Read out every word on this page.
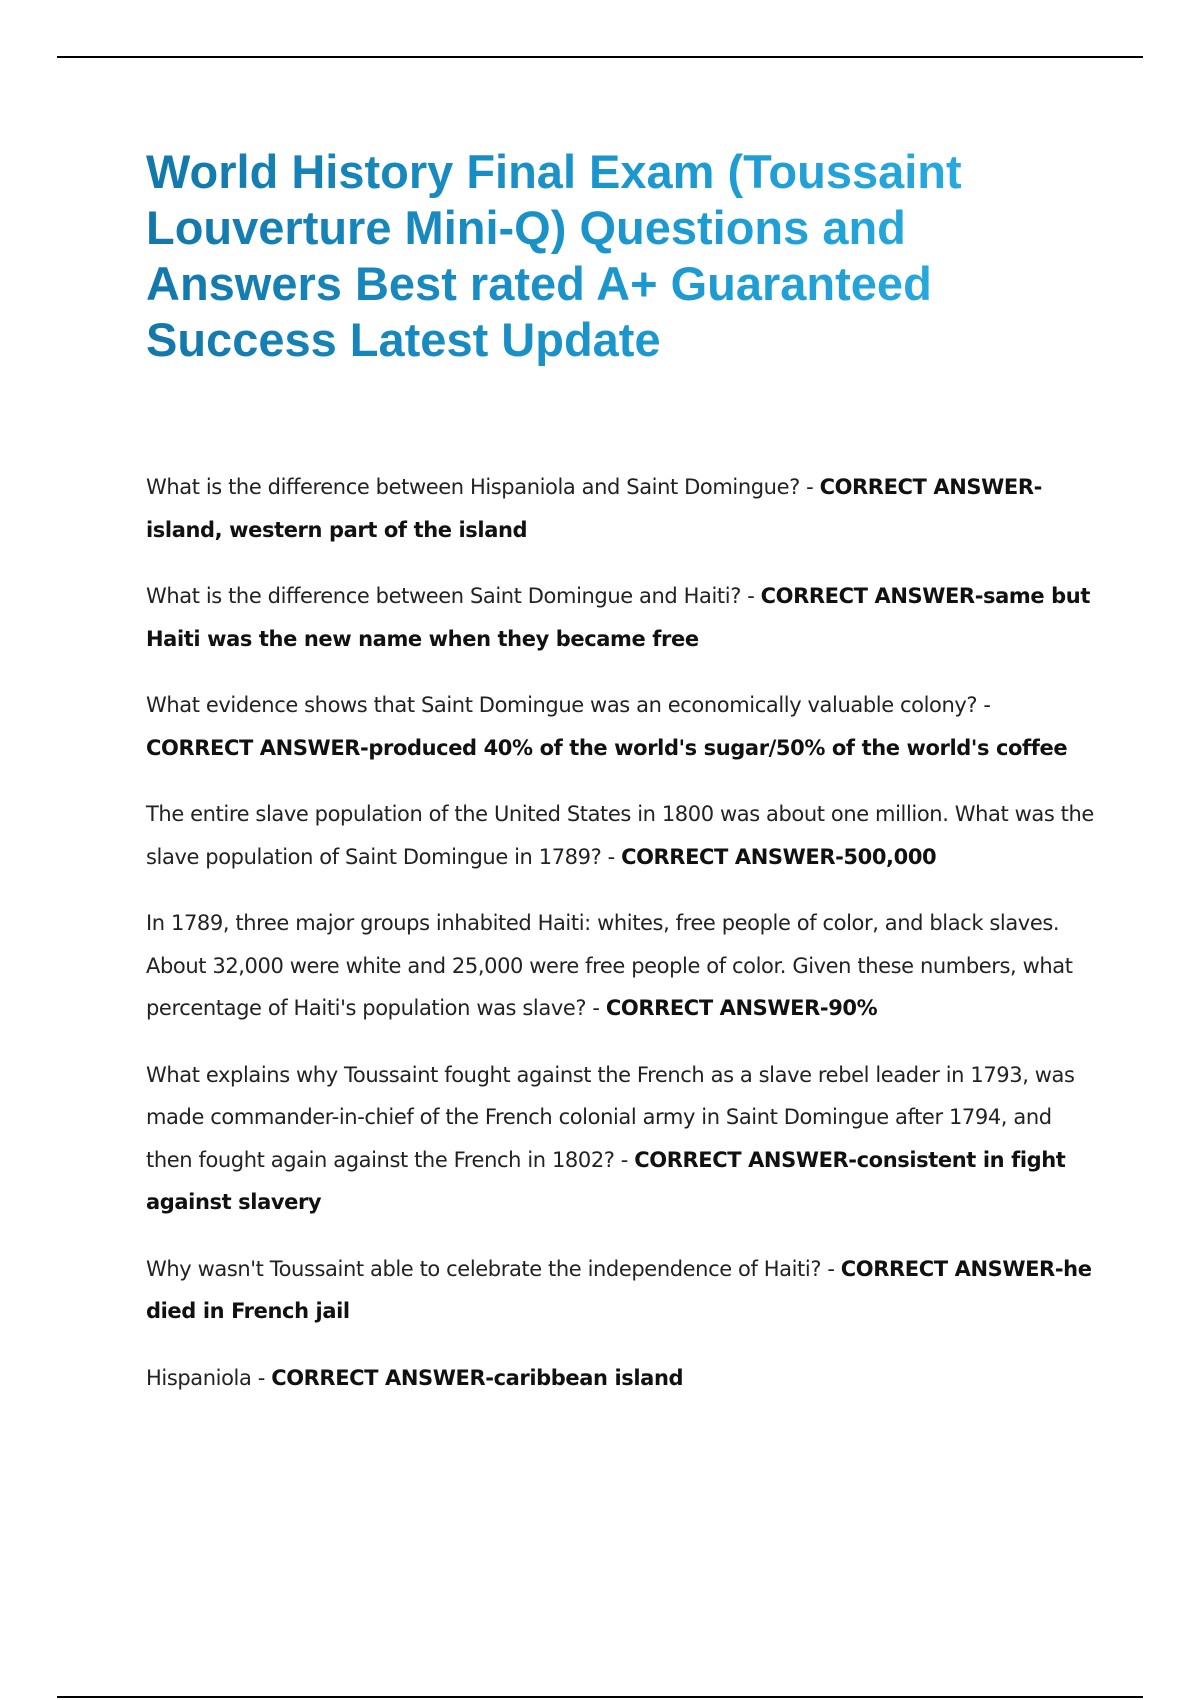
World History Final Exam (Toussaint Louverture Mini-Q) Questions and Answers Best rated A+ Guaranteed Success Latest Update
What is the difference between Hispaniola and Saint Domingue? - CORRECT ANSWER-island, western part of the island
What is the difference between Saint Domingue and Haiti? - CORRECT ANSWER-same but Haiti was the new name when they became free
What evidence shows that Saint Domingue was an economically valuable colony? - CORRECT ANSWER-produced 40% of the world's sugar/50% of the world's coffee
The entire slave population of the United States in 1800 was about one million. What was the slave population of Saint Domingue in 1789? - CORRECT ANSWER-500,000
In 1789, three major groups inhabited Haiti: whites, free people of color, and black slaves. About 32,000 were white and 25,000 were free people of color. Given these numbers, what percentage of Haiti's population was slave? - CORRECT ANSWER-90%
What explains why Toussaint fought against the French as a slave rebel leader in 1793, was made commander-in-chief of the French colonial army in Saint Domingue after 1794, and then fought again against the French in 1802? - CORRECT ANSWER-consistent in fight against slavery
Why wasn't Toussaint able to celebrate the independence of Haiti? - CORRECT ANSWER-he died in French jail
Hispaniola - CORRECT ANSWER-caribbean island
